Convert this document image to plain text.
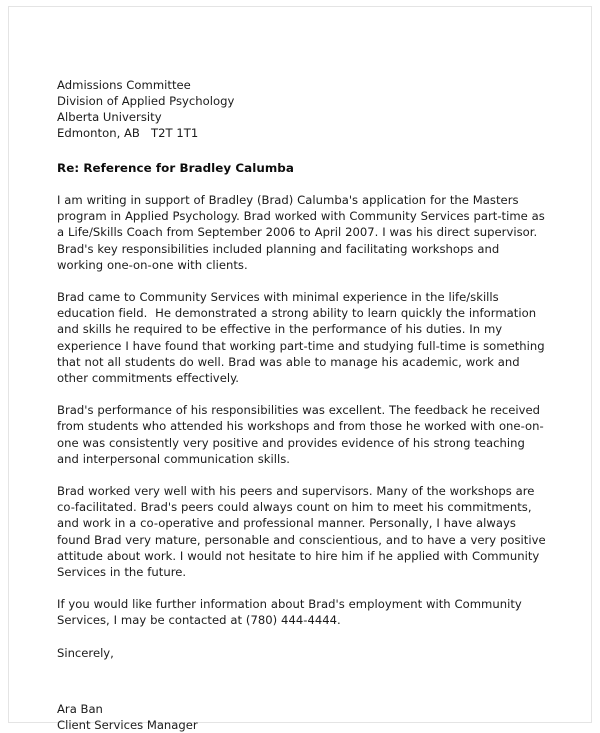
Admissions Committee
Division of Applied Psychology
Alberta University
Edmonton, AB   T2T 1T1
Re: Reference for Bradley Calumba

I am writing in support of Bradley (Brad) Calumba's application for the Masters program in Applied Psychology. Brad worked with Community Services part-time as a Life/Skills Coach from September 2006 to April 2007. I was his direct supervisor. Brad's key responsibilities included planning and facilitating workshops and working one-on-one with clients.

Brad came to Community Services with minimal experience in the life/skills education field.  He demonstrated a strong ability to learn quickly the information and skills he required to be effective in the performance of his duties. In my experience I have found that working part-time and studying full-time is something that not all students do well. Brad was able to manage his academic, work and other commitments effectively.

Brad's performance of his responsibilities was excellent. The feedback he received from students who attended his workshops and from those he worked with one-on-one was consistently very positive and provides evidence of his strong teaching and interpersonal communication skills.

Brad worked very well with his peers and supervisors. Many of the workshops are co-facilitated. Brad's peers could always count on him to meet his commitments, and work in a co-operative and professional manner. Personally, I have always found Brad very mature, personable and conscientious, and to have a very positive attitude about work. I would not hesitate to hire him if he applied with Community Services in the future.

If you would like further information about Brad's employment with Community Services, I may be contacted at (780) 444-4444.

Sincerely,
Ara Ban
Client Services Manager
